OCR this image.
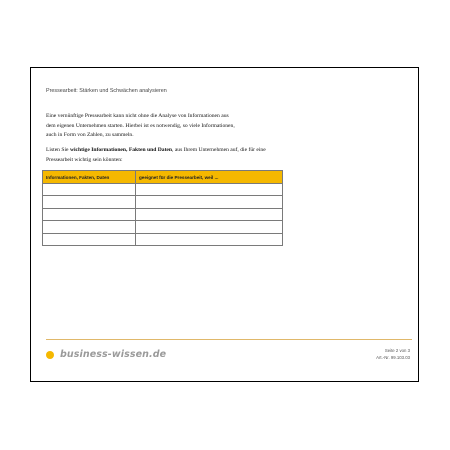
Pressearbeit: Stärken und Schwächen analysieren
Eine vernünftige Pressearbeit kann nicht ohne die Analyse von Informationen aus dem eigenen Unternehmen starten. Hierbei ist es notwendig, so viele Informationen, auch in Form von Zahlen, zu sammeln.
Listen Sie wichtige Informationen, Fakten und Daten, aus Ihrem Unternehmen auf, die für eine Pressearbeit wichtig sein könnten:
Informationen, Fakten, Daten	geeignet für die Pressearbeit, weil ...

business-wissen.de	Seite 2 von 3
Art.-Nr. 99.103.03
